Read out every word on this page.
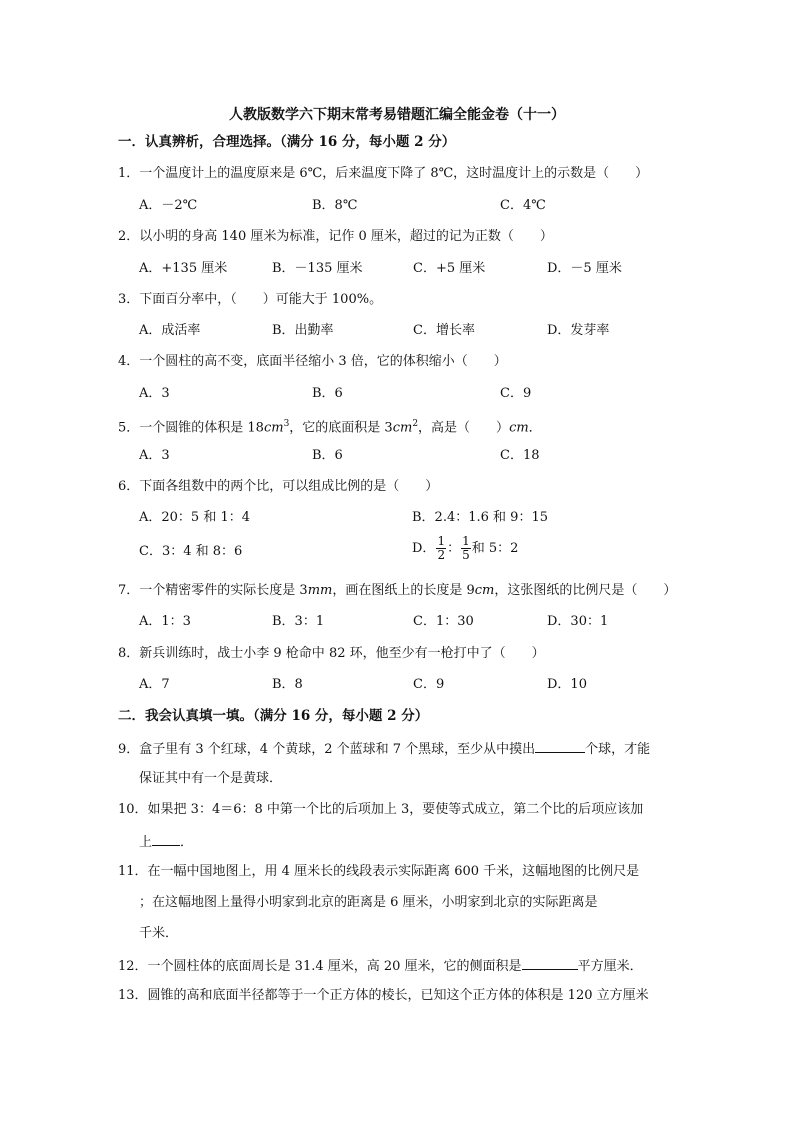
人教版数学六下期末常考易错题汇编全能金卷（十一）
一．认真辨析，合理选择。（满分 16 分，每小题 2 分）
1．一个温度计上的温度原来是 6℃，后来温度下降了 8℃，这时温度计上的示数是（　　）
A．－2℃	B．8℃	C．4℃
2．以小明的身高 140 厘米为标准，记作 0 厘米，超过的记为正数（　　）
A．+135 厘米	B．－135 厘米	C．+5 厘米	D．－5 厘米
3．下面百分率中，（　　）可能大于 100%。
A．成活率	B．出勤率	C．增长率	D．发芽率
4．一个圆柱的高不变，底面半径缩小 3 倍，它的体积缩小（　　）
A．3	B．6	C．9
5．一个圆锥的体积是 $18cm^3$，它的底面积是 $3cm^2$，高是（　　）cm．
A．3	B．6	C．18
6．下面各组数中的两个比，可以组成比例的是（　　）
A．20：5 和 1：4	B．2.4：1.6 和 9：15
C．3：4 和 8：6	D． $\frac{1}{2}$ ： $\frac{1}{5}$ 和 5：2
7．一个精密零件的实际长度是 3mm，画在图纸上的长度是 9cm，这张图纸的比例尺是（　　）
A．1：3	B．3：1	C．1：30	D．30：1
8．新兵训练时，战士小李 9 枪命中 82 环，他至少有一枪打中了（　　）
A．7	B．8	C．9	D．10
二．我会认真填一填。（满分 16 分，每小题 2 分）
9．盒子里有 3 个红球，4 个黄球，2 个蓝球和 7 个黑球，至少从中摸出	个球，才能
保证其中有一个是黄球．
10．如果把 3：4＝6：8 中第一个比的后项加上 3，要使等式成立，第二个比的后项应该加
上 ．
11．在一幅中国地图上，用 4 厘米长的线段表示实际距离 600 千米，这幅地图的比例尺是
；在这幅地图上量得小明家到北京的距离是 6 厘米，小明家到北京的实际距离是
千米．
12．一个圆柱体的底面周长是 31.4 厘米，高 20 厘米，它的侧面积是	平方厘米．
13．圆锥的高和底面半径都等于一个正方体的棱长，已知这个正方体的体积是 120 立方厘米
